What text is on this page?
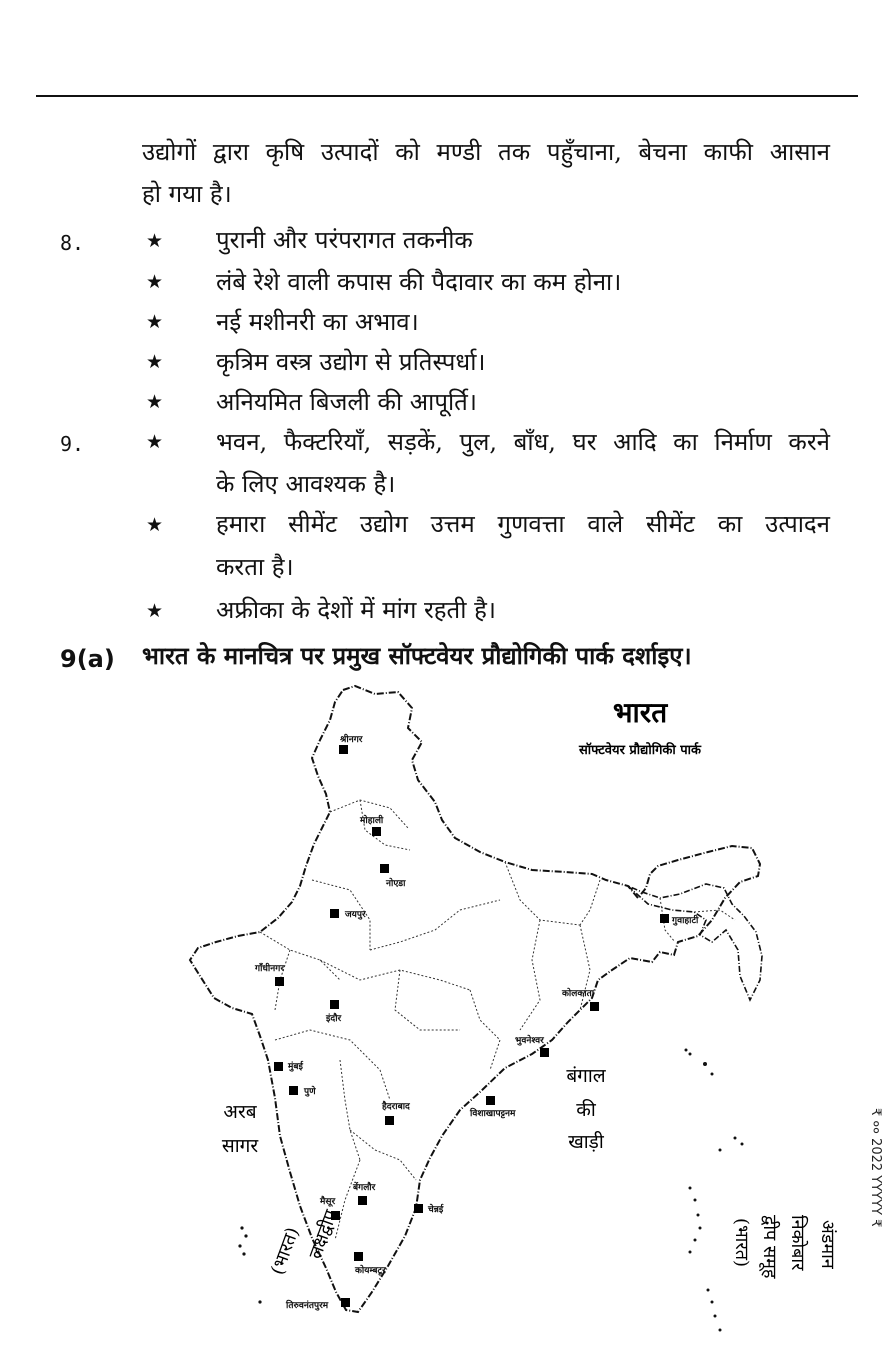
उद्योगों द्वारा कृषि उत्पादों को मण्डी तक पहुँचाना, बेचना काफी आसान
हो गया है।
8.	★ पुरानी और परंपरागत तकनीक
★ लंबे रेशे वाली कपास की पैदावार का कम होना।
★ नई मशीनरी का अभाव।
★ कृत्रिम वस्त्र उद्योग से प्रतिस्पर्धा।
★ अनियमित बिजली की आपूर्ति।
9.	★ भवन, फैक्टरियाँ, सड़कें, पुल, बाँध, घर आदि का निर्माण करने
के लिए आवश्यक है।
★ हमारा सीमेंट उद्योग उत्तम गुणवत्ता वाले सीमेंट का उत्पादन
करता है।
★ अफ्रीका के देशों में मांग रहती है।
9(a) भारत के मानचित्र पर प्रमुख सॉफ्टवेयर प्रौद्योगिकी पार्क दर्शाइए।
भारत
सॉफ्टवेयर प्रौद्योगिकी पार्क
श्रीनगर
मोहाली
नोएडा
जयपुर
गुवाहाटी
गाँधीनगर
इंदौर
कोलकाता
भुवनेश्वर
मुंबई
पुणे
हैदराबाद
विशाखापट्टनम
बेंगलौर
मैसूर
चेन्नई
कोयम्बटूर
तिरुवनंतपुरम
अरब
सागर
बंगाल
की
खाड़ी
लक्षद्वीप
(भारत)	अंडमान
निकोबार
द्वीप समूह
(भारत)
₹ ०० 2022 YYYYY ₹
